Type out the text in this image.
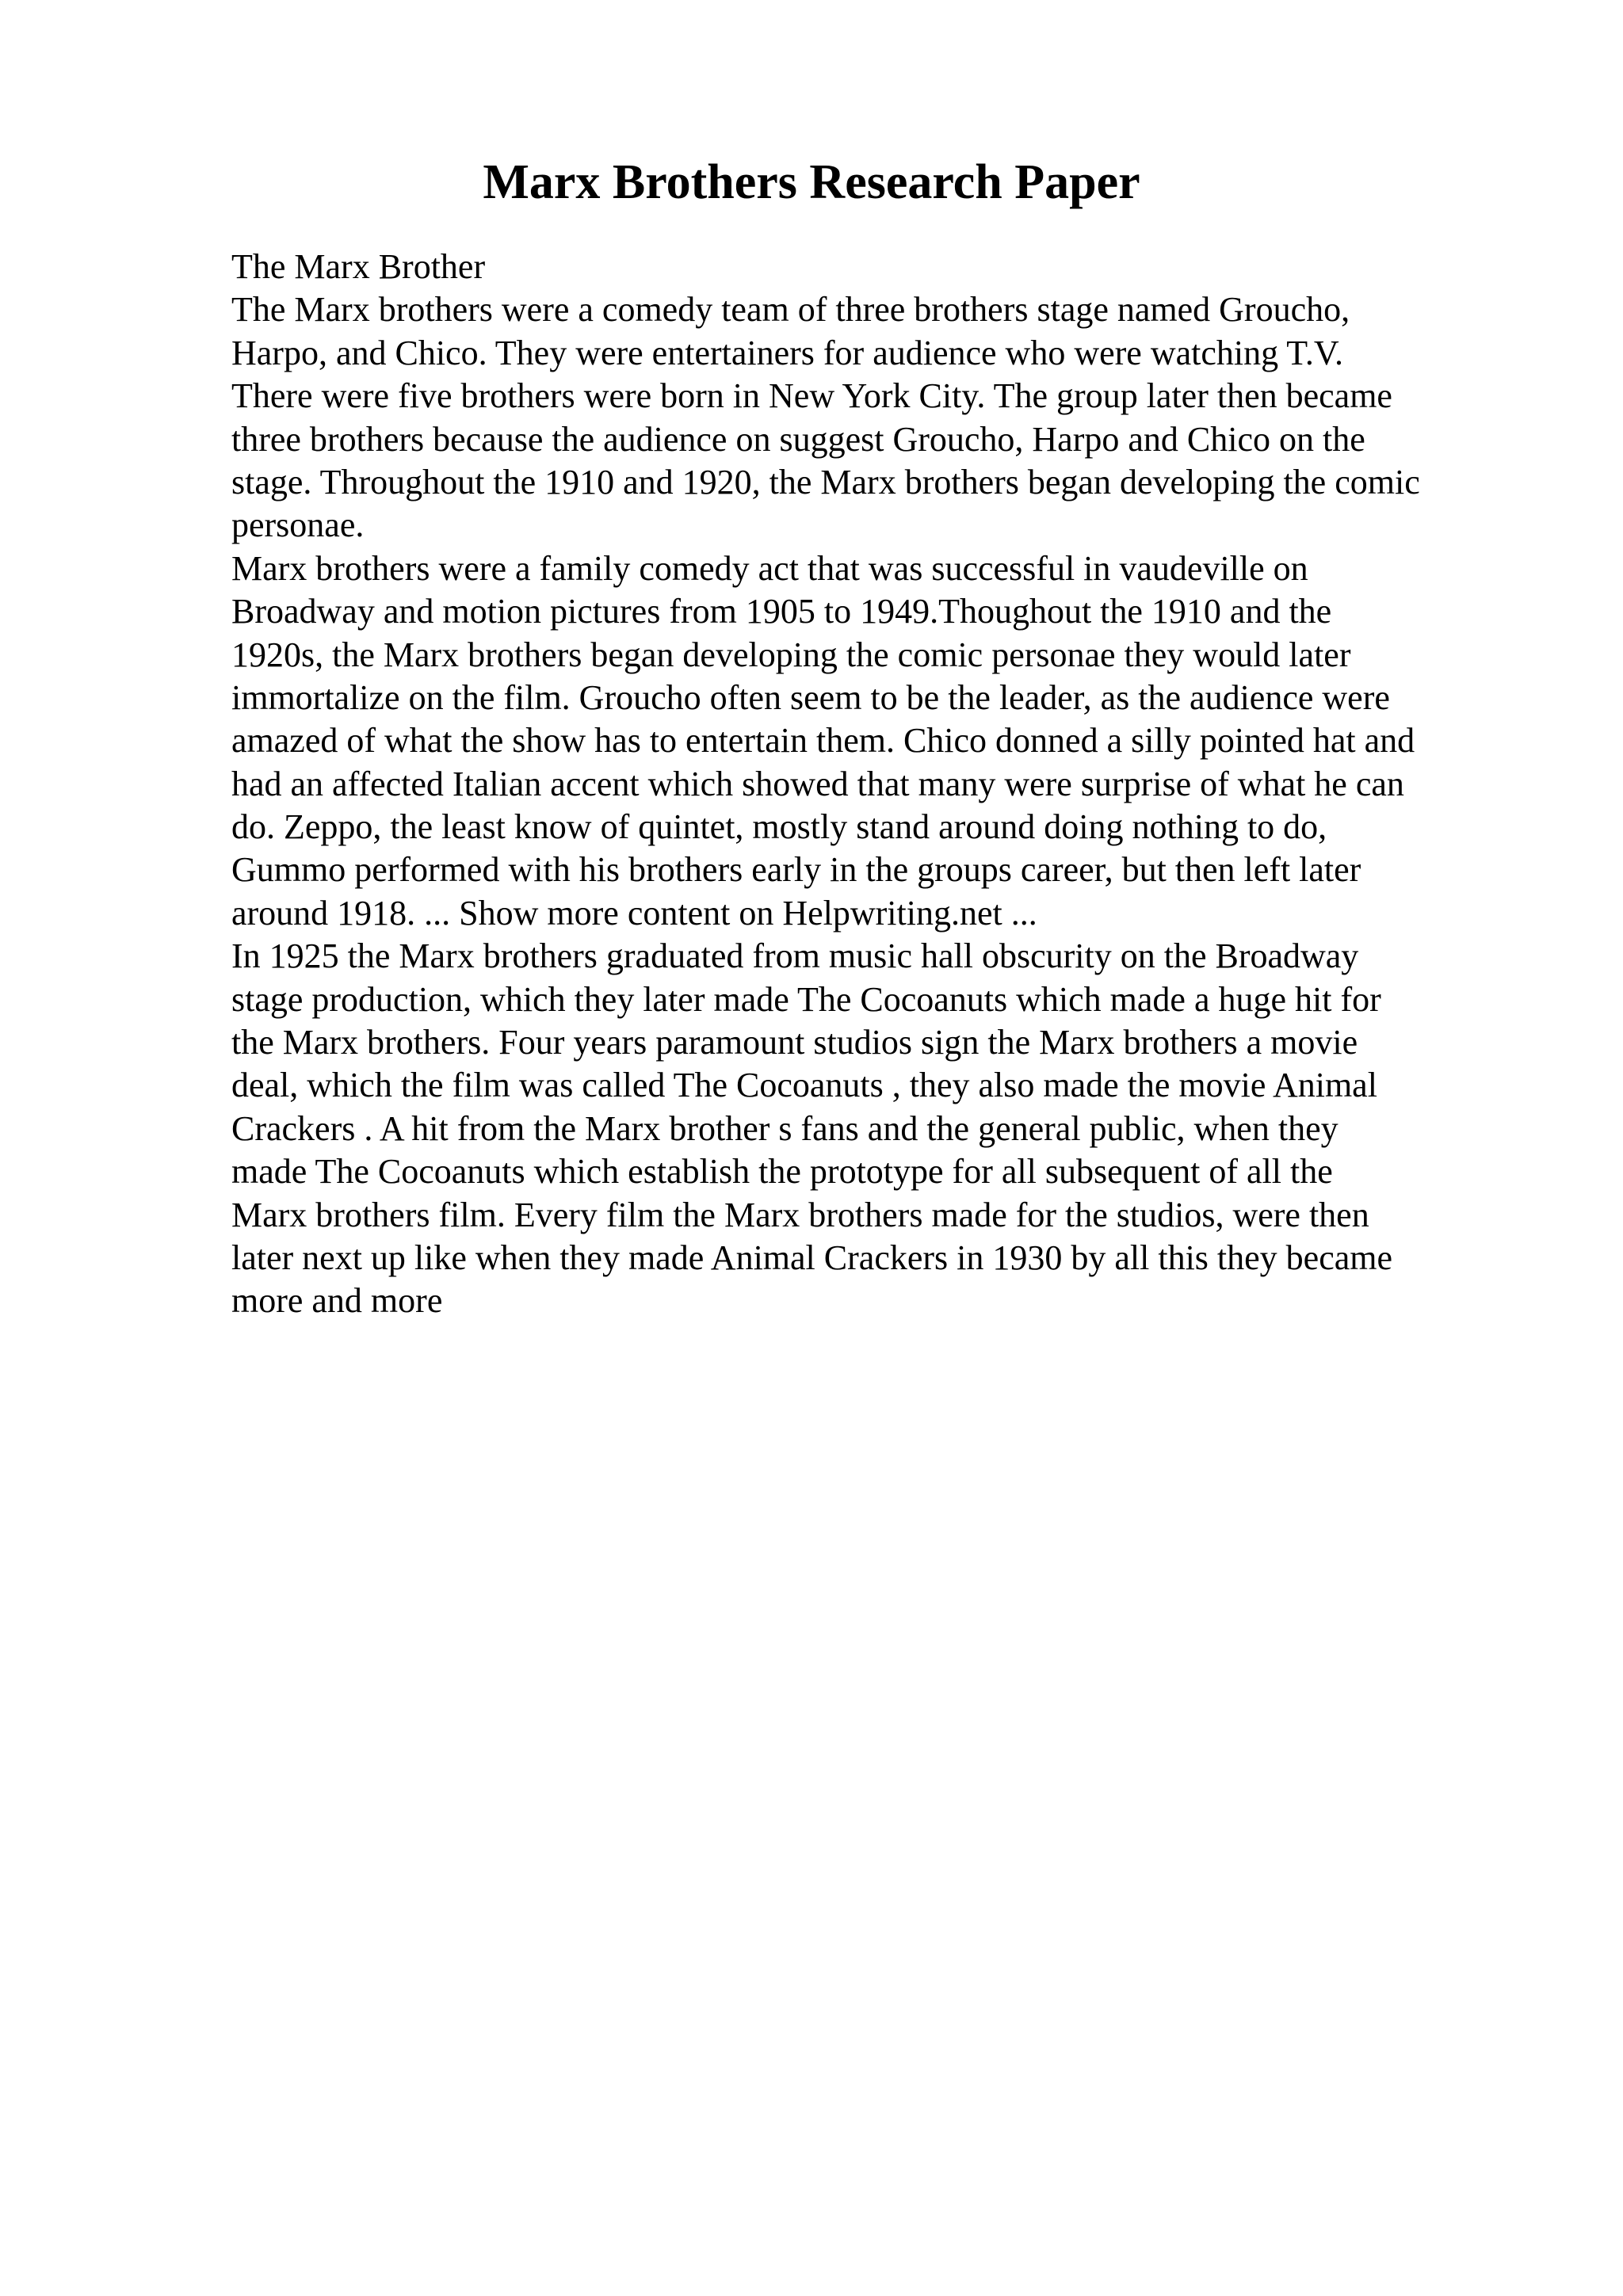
Marx Brothers Research Paper
The Marx Brother
The Marx brothers were a comedy team of three brothers stage named Groucho,
Harpo, and Chico. They were entertainers for audience who were watching T.V.
There were five brothers were born in New York City. The group later then became
three brothers because the audience on suggest Groucho, Harpo and Chico on the
stage. Throughout the 1910 and 1920, the Marx brothers began developing the comic
personae.
Marx brothers were a family comedy act that was successful in vaudeville on
Broadway and motion pictures from 1905 to 1949.Thoughout the 1910 and the
1920s, the Marx brothers began developing the comic personae they would later
immortalize on the film. Groucho often seem to be the leader, as the audience were
amazed of what the show has to entertain them. Chico donned a silly pointed hat and
had an affected Italian accent which showed that many were surprise of what he can
do. Zeppo, the least know of quintet, mostly stand around doing nothing to do,
Gummo performed with his brothers early in the groups career, but then left later
around 1918. ... Show more content on Helpwriting.net ...
In 1925 the Marx brothers graduated from music hall obscurity on the Broadway
stage production, which they later made The Cocoanuts which made a huge hit for
the Marx brothers. Four years paramount studios sign the Marx brothers a movie
deal, which the film was called The Cocoanuts , they also made the movie Animal
Crackers . A hit from the Marx brother s fans and the general public, when they
made The Cocoanuts which establish the prototype for all subsequent of all the
Marx brothers film. Every film the Marx brothers made for the studios, were then
later next up like when they made Animal Crackers in 1930 by all this they became
more and more
